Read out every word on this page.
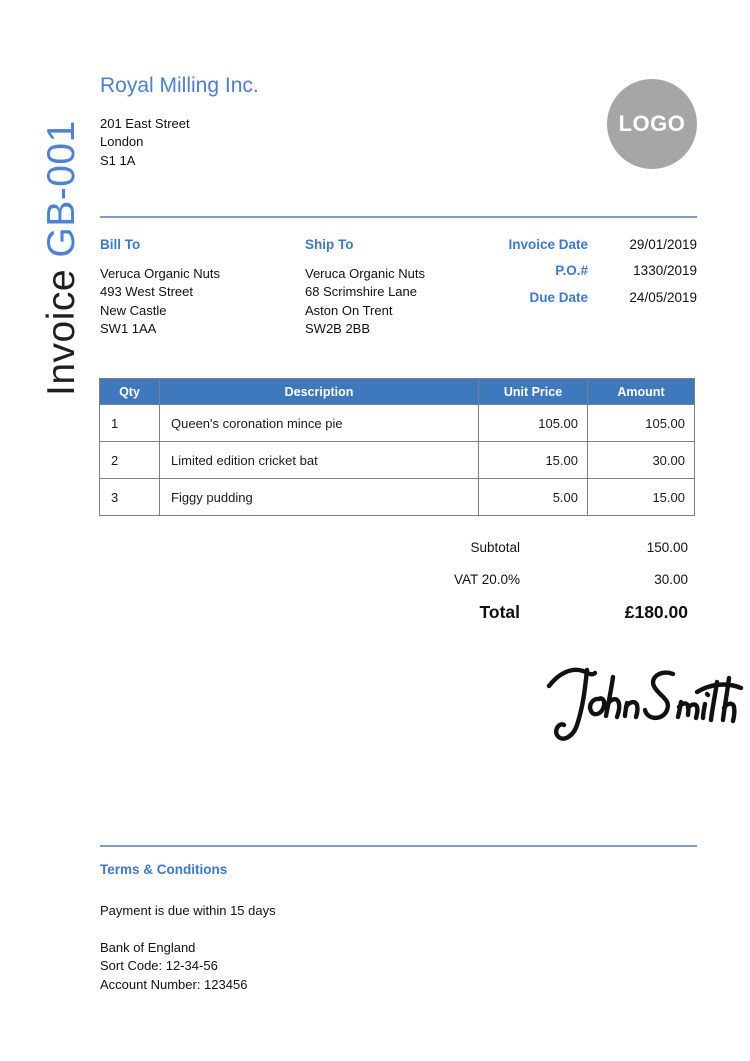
Invoice GB-001
Royal Milling Inc.
201 East Street
London
S1 1A
LOGO
Bill To
Veruca Organic Nuts
493 West Street
New Castle
SW1 1AA
Ship To
Veruca Organic Nuts
68 Scrimshire Lane
Aston On Trent
SW2B 2BB
Invoice Date	29/01/2019
P.O.#	1330/2019
Due Date	24/05/2019
Qty	Description	Unit Price	Amount
1	Queen's coronation mince pie	105.00	105.00
2	Limited edition cricket bat	15.00	30.00
3	Figgy pudding	5.00	15.00
Subtotal	150.00
VAT 20.0%	30.00
Total	£180.00
Terms & Conditions
Payment is due within 15 days
Bank of England
Sort Code: 12-34-56
Account Number: 123456
